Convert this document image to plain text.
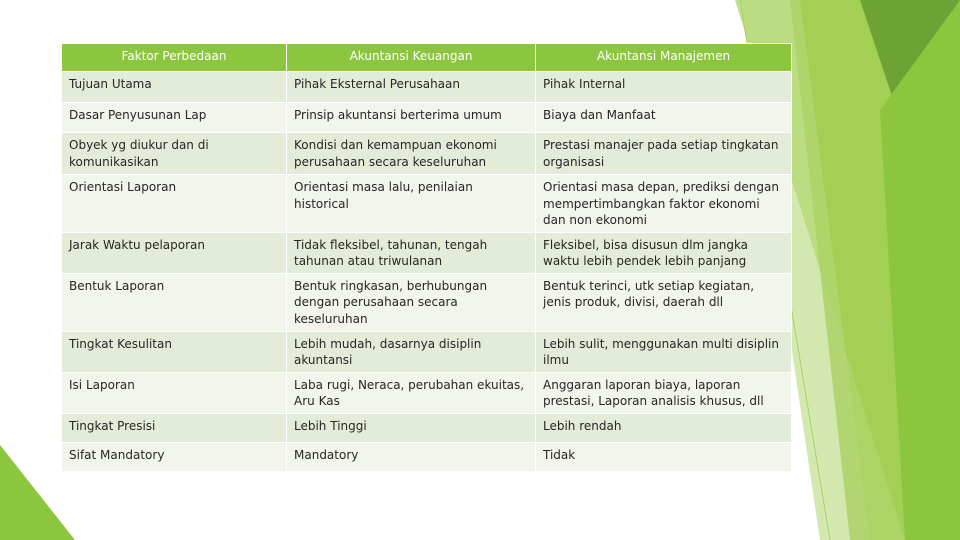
Faktor Perbedaan	Akuntansi Keuangan	Akuntansi Manajemen
Tujuan Utama	Pihak Eksternal Perusahaan	Pihak Internal
Dasar Penyusunan Lap	Prinsip akuntansi berterima umum	Biaya dan Manfaat
Obyek yg diukur dan di komunikasikan	Kondisi dan kemampuan ekonomi perusahaan secara keseluruhan	Prestasi manajer pada setiap tingkatan organisasi
Orientasi Laporan	Orientasi masa lalu, penilaian historical	Orientasi masa depan, prediksi dengan mempertimbangkan faktor ekonomi dan non ekonomi
Jarak Waktu pelaporan	Tidak fleksibel, tahunan, tengah tahunan atau triwulanan	Fleksibel, bisa disusun dlm jangka waktu lebih pendek lebih panjang
Bentuk Laporan	Bentuk ringkasan, berhubungan dengan perusahaan secara keseluruhan	Bentuk terinci, utk setiap kegiatan, jenis produk, divisi, daerah dll
Tingkat Kesulitan	Lebih mudah, dasarnya disiplin akuntansi	Lebih sulit, menggunakan multi disiplin ilmu
Isi Laporan	Laba rugi, Neraca, perubahan ekuitas, Aru Kas	Anggaran laporan biaya, laporan prestasi, Laporan analisis khusus, dll
Tingkat Presisi	Lebih Tinggi	Lebih rendah
Sifat Mandatory	Mandatory	Tidak
